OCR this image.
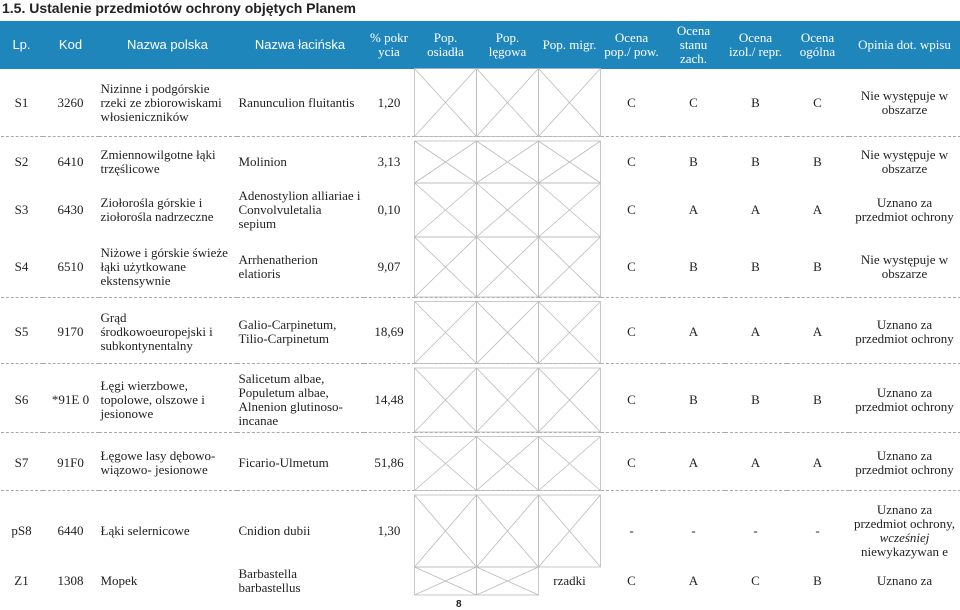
1.5. Ustalenie przedmiotów ochrony objętych Planem
Lp.	Kod	Nazwa polska	Nazwa łacińska	% pokr ycia	Pop. osiadła	Pop. lęgowa	Pop. migr.	Ocena pop./ pow.	Ocena stanu zach.	Ocena izol./ repr.	Ocena ogólna	Opinia dot. wpisu
S1	3260	Nizinne i podgórskie rzeki ze zbiorowiskami włosieniczników	Ranunculion fluitantis	1,20				C	C	B	C	Nie występuje w obszarze

S2	6410	Zmiennowilgotne łąki trzęślicowe	Molinion	3,13				C	B	B	B	Nie występuje w obszarze
S3	6430	Ziołorośla górskie i ziołorośla nadrzeczne	Adenostylion alliariae i Convolvuletalia sepium	0,10				C	A	A	A	Uznano za przedmiot ochrony
S4	6510	Niżowe i górskie świeże łąki użytkowane ekstensywnie	Arrhenatherion elatioris	9,07				C	B	B	B	Nie występuje w obszarze

S5	9170	Grąd środkowoeuropejski i subkontynentalny	Galio-Carpinetum, Tilio-Carpinetum	18,69				C	A	A	A	Uznano za przedmiot ochrony

S6	*91E 0	Łęgi wierzbowe, topolowe, olszowe i jesionowe	Salicetum albae, Populetum albae, Alnenion glutinoso-incanae	14,48				C	B	B	B	Uznano za przedmiot ochrony

S7	91F0	Łęgowe lasy dębowo- wiązowo- jesionowe	Ficario-Ulmetum	51,86				C	A	A	A	Uznano za przedmiot ochrony

pS8	6440	Łąki selernicowe	Cnidion dubii	1,30				-	-	-	-	Uznano za przedmiot ochrony,
wcześniej
niewykazywan e
Z1	1308	Mopek	Barbastella barbastellus				rzadki	C	A	C	B	Uznano za
8
